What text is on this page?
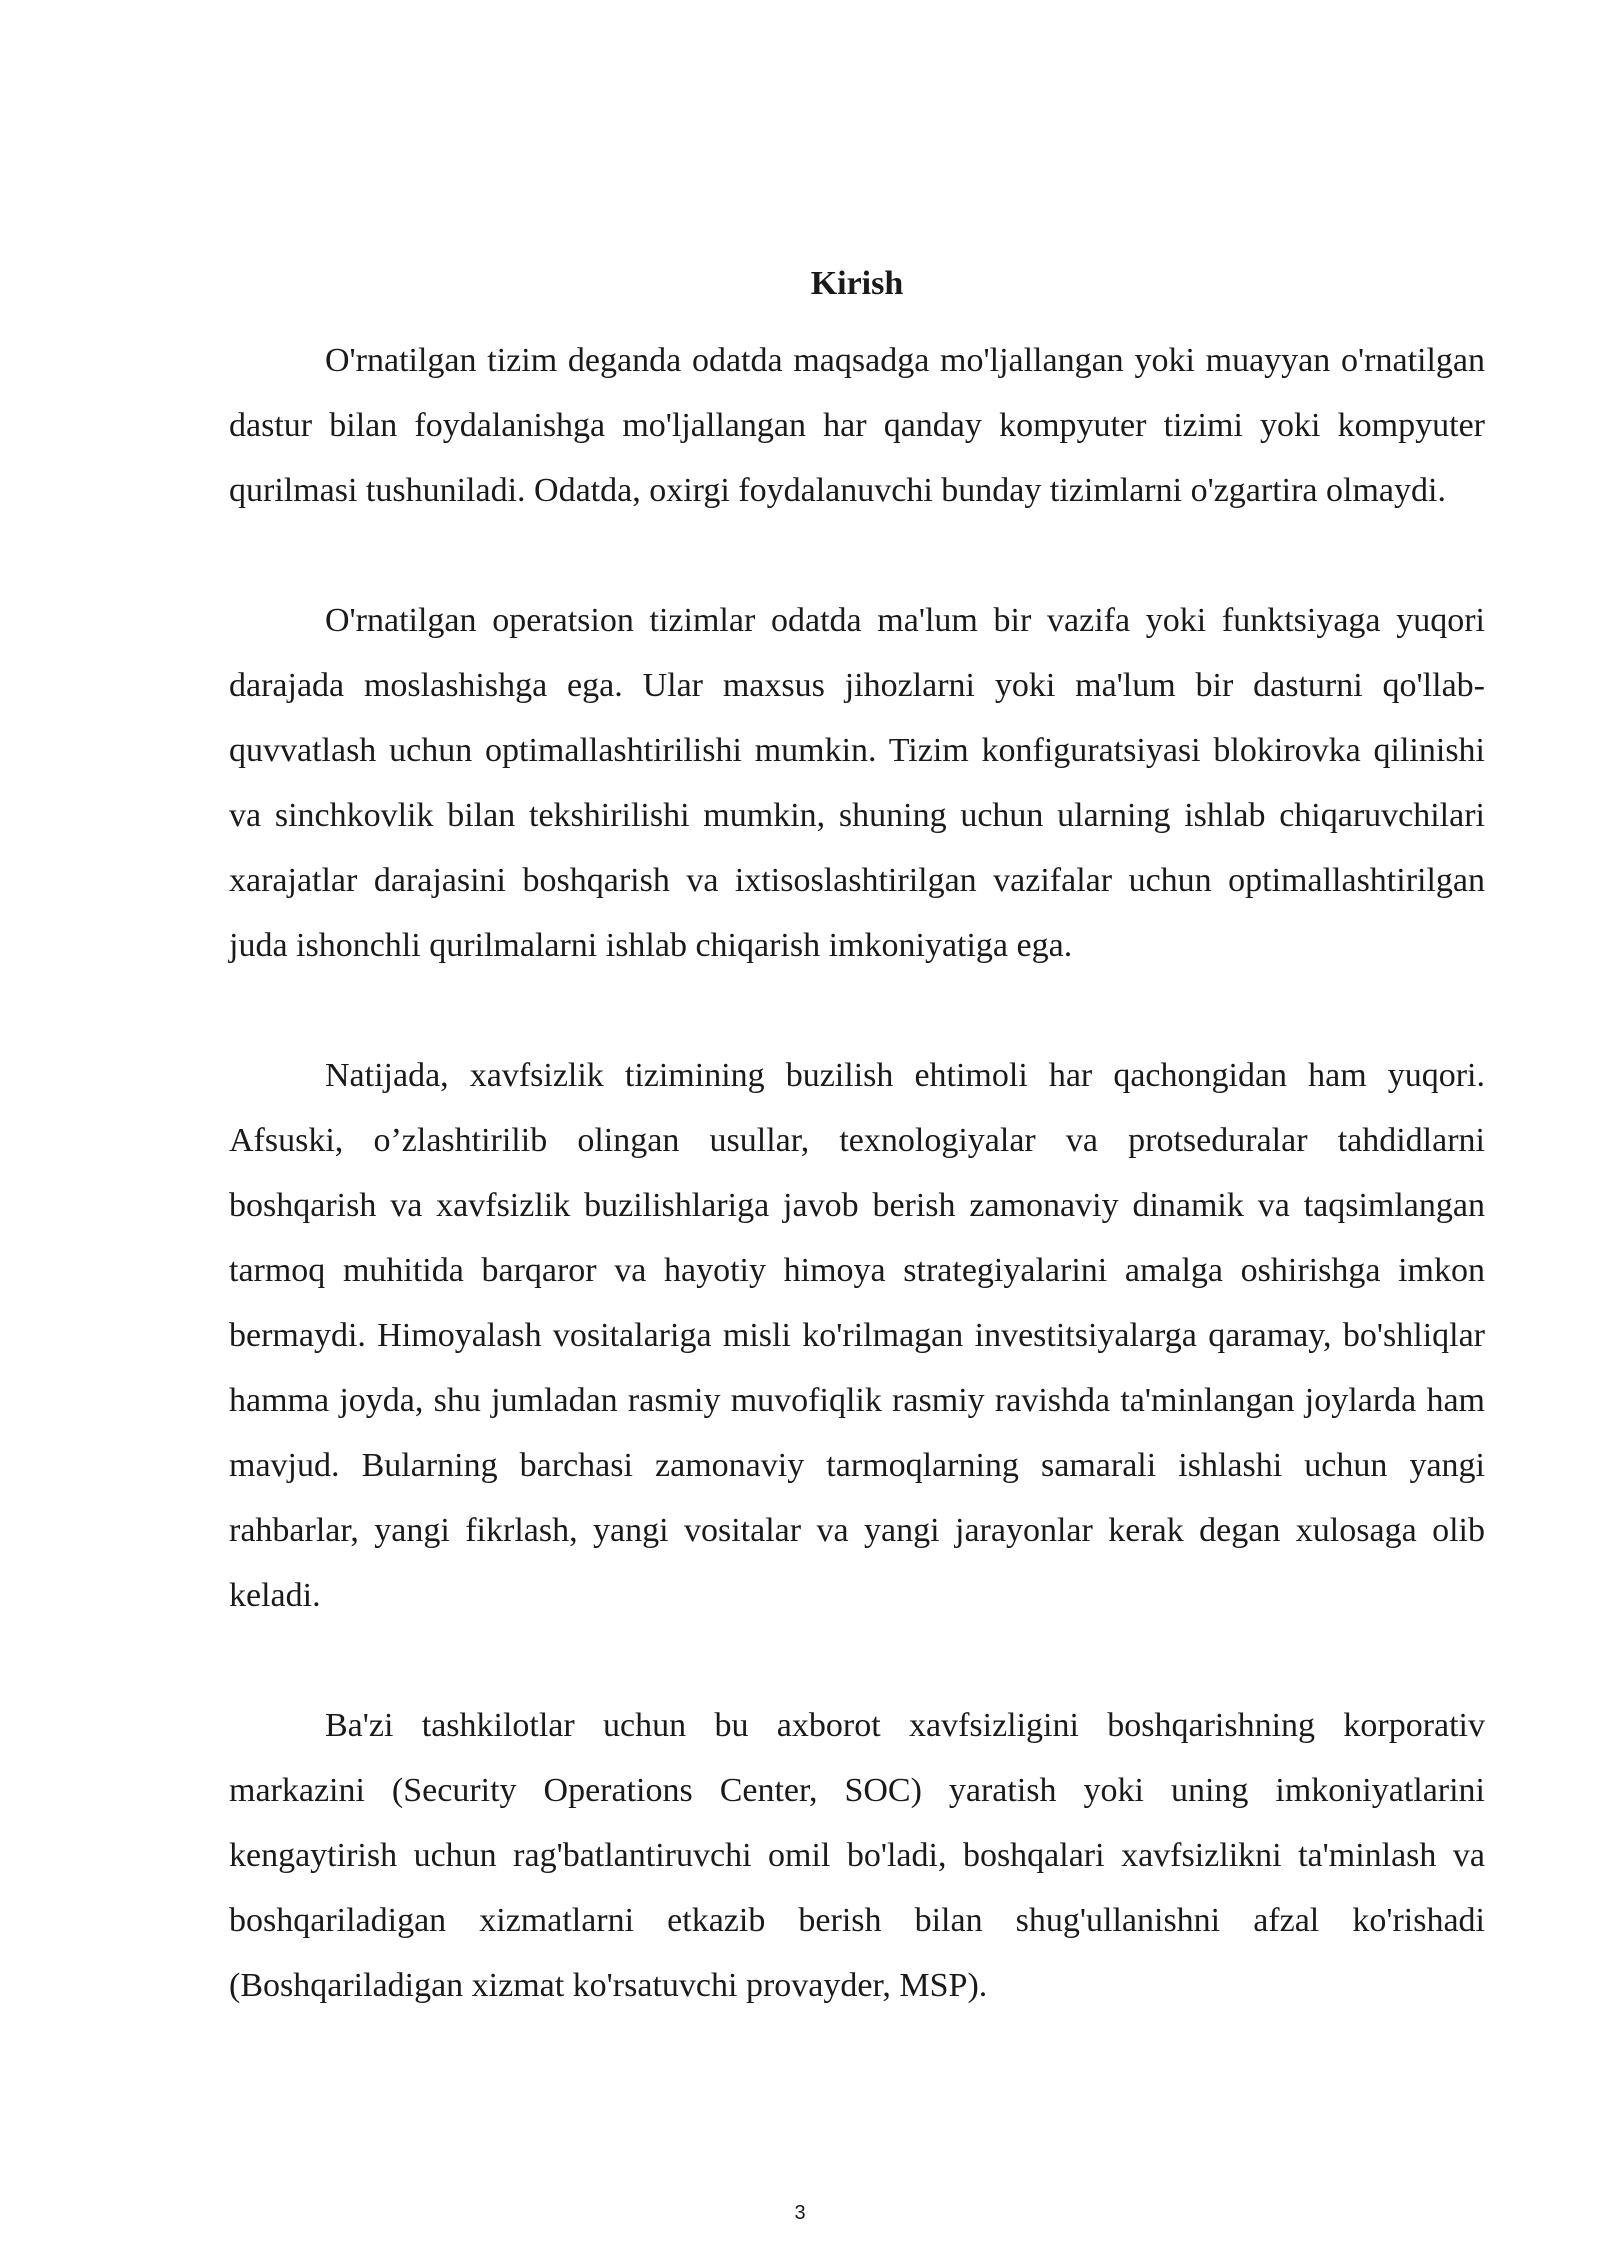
Kirish

O'rnatilgan tizim deganda odatda maqsadga mo'ljallangan yoki muayyan o'rnatilgan dastur bilan foydalanishga mo'ljallangan har qanday kompyuter tizimi yoki kompyuter qurilmasi tushuniladi. Odatda, oxirgi foydalanuvchi bunday tizimlarni o'zgartira olmaydi.

O'rnatilgan operatsion tizimlar odatda ma'lum bir vazifa yoki funktsiyaga yuqori darajada moslashishga ega. Ular maxsus jihozlarni yoki ma'lum bir dasturni qo'llab-quvvatlash uchun optimallashtirilishi mumkin. Tizim konfiguratsiyasi blokirovka qilinishi va sinchkovlik bilan tekshirilishi mumkin, shuning uchun ularning ishlab chiqaruvchilari xarajatlar darajasini boshqarish va ixtisoslashtirilgan vazifalar uchun optimallashtirilgan juda ishonchli qurilmalarni ishlab chiqarish imkoniyatiga ega.

Natijada, xavfsizlik tizimining buzilish ehtimoli har qachongidan ham yuqori. Afsuski, o’zlashtirilib olingan usullar, texnologiyalar va protseduralar tahdidlarni boshqarish va xavfsizlik buzilishlariga javob berish zamonaviy dinamik va taqsimlangan tarmoq muhitida barqaror va hayotiy himoya strategiyalarini amalga oshirishga imkon bermaydi. Himoyalash vositalariga misli ko'rilmagan investitsiyalarga qaramay, bo'shliqlar hamma joyda, shu jumladan rasmiy muvofiqlik rasmiy ravishda ta'minlangan joylarda ham mavjud. Bularning barchasi zamonaviy tarmoqlarning samarali ishlashi uchun yangi rahbarlar, yangi fikrlash, yangi vositalar va yangi jarayonlar kerak degan xulosaga olib keladi.

Ba'zi tashkilotlar uchun bu axborot xavfsizligini boshqarishning korporativ markazini (Security Operations Center, SOC) yaratish yoki uning imkoniyatlarini kengaytirish uchun rag'batlantiruvchi omil bo'ladi, boshqalari xavfsizlikni ta'minlash va boshqariladigan xizmatlarni etkazib berish bilan shug'ullanishni afzal ko'rishadi (Boshqariladigan xizmat ko'rsatuvchi provayder, MSP).

3
